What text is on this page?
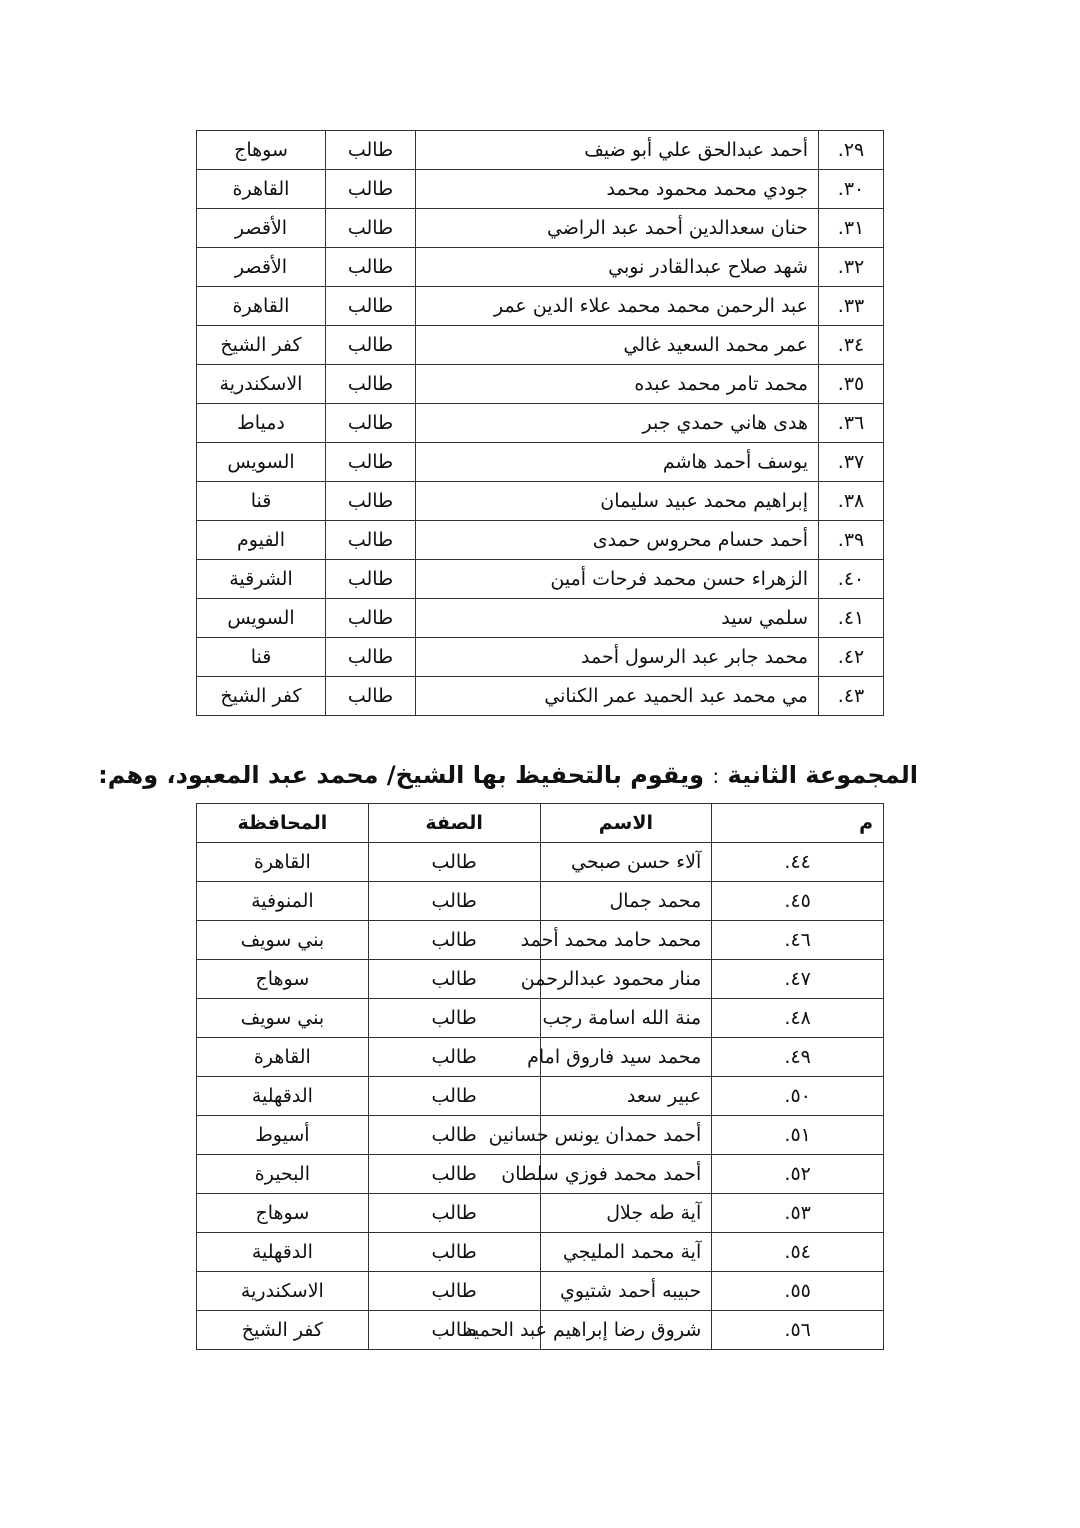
٢٩.	أحمد عبدالحق علي أبو ضيف	طالب	سوهاج
٣٠.	جودي محمد محمود محمد	طالب	القاهرة
٣١.	حنان سعدالدين أحمد عبد الراضي	طالب	الأقصر
٣٢.	شهد صلاح عبدالقادر نوبي	طالب	الأقصر
٣٣.	عبد الرحمن محمد محمد علاء الدين عمر	طالب	القاهرة
٣٤.	عمر محمد السعيد غالي	طالب	كفر الشيخ
٣٥.	محمد تامر محمد عبده	طالب	الاسكندرية
٣٦.	هدى هاني حمدي جبر	طالب	دمياط
٣٧.	يوسف أحمد هاشم	طالب	السويس
٣٨.	إبراهيم محمد عبيد سليمان	طالب	قنا
٣٩.	أحمد حسام محروس حمدى	طالب	الفيوم
٤٠.	الزهراء حسن محمد فرحات أمين	طالب	الشرقية
٤١.	سلمي سيد	طالب	السويس
٤٢.	محمد جابر عبد الرسول أحمد	طالب	قنا
٤٣.	مي محمد عبد الحميد عمر الكناني	طالب	كفر الشيخ
المجموعة الثانية : ويقوم بالتحفيظ بها الشيخ/ محمد عبد المعبود، وهم:
م	الاسم	الصفة	المحافظة
٤٤.	آلاء حسن صبحي	طالب	القاهرة
٤٥.	محمد جمال	طالب	المنوفية
٤٦.	محمد حامد محمد أحمد	طالب	بني سويف
٤٧.	منار محمود عبدالرحمن	طالب	سوهاج
٤٨.	منة الله اسامة رجب	طالب	بني سويف
٤٩.	محمد سيد فاروق امام	طالب	القاهرة
٥٠.	عبير سعد	طالب	الدقهلية
٥١.	أحمد حمدان يونس حسانين	طالب	أسيوط
٥٢.	أحمد محمد فوزي سلطان	طالب	البحيرة
٥٣.	آية طه جلال	طالب	سوهاج
٥٤.	آية محمد المليجي	طالب	الدقهلية
٥٥.	حبيبه أحمد شتيوي	طالب	الاسكندرية
٥٦.	شروق رضا إبراهيم عبد الحميد	طالب	كفر الشيخ
